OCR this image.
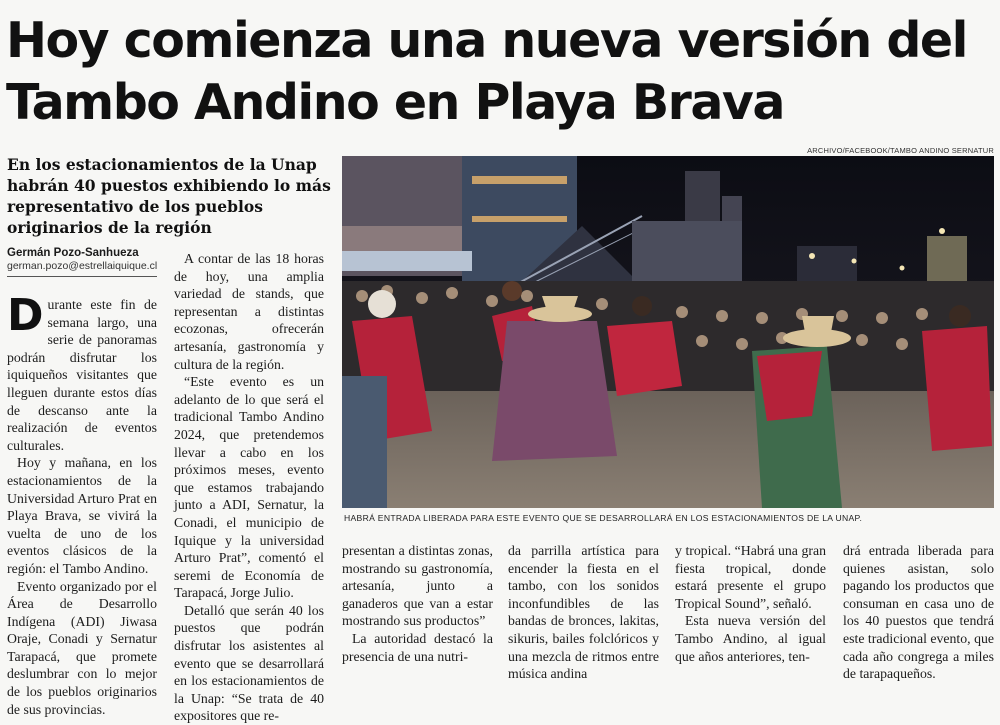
Hoy comienza una nueva versión del Tambo Andino en Playa Brava
En los estacionamientos de la Unap habrán 40 puestos exhibiendo lo más representativo de los pueblos originarios de la región
Germán Pozo-Sanhueza
german.pozo@estrellaiquique.cl
ARCHIVO/FACEBOOK/TAMBO ANDINO SERNATUR
HABRÁ ENTRADA LIBERADA PARA ESTE EVENTO QUE SE DESARROLLARÁ EN LOS ESTACIONAMIENTOS DE LA UNAP.

Durante este fin de semana largo, una serie de panoramas podrán disfrutar los iquiqueños visitantes que lleguen durante estos días de descanso ante la realización de eventos culturales.

Hoy y mañana, en los estacionamientos de la Universidad Arturo Prat en Playa Brava, se vivirá la vuelta de uno de los eventos clásicos de la región: el Tambo Andino.

Evento organizado por el Área de Desarrollo Indígena (ADI) Jiwasa Oraje, Conadi y Sernatur Tarapacá, que promete deslumbrar con lo mejor de los pueblos originarios de sus provincias.

A contar de las 18 horas de hoy, una amplia variedad de stands, que representan a distintas ecozonas, ofrecerán artesanía, gastronomía y cultura de la región.

“Este evento es un adelanto de lo que será el tradicional Tambo Andino 2024, que pretendemos llevar a cabo en los próximos meses, evento que estamos trabajando junto a ADI, Sernatur, la Conadi, el municipio de Iquique y la universidad Arturo Prat”, comentó el seremi de Economía de Tarapacá, Jorge Julio.

Detalló que serán 40 los puestos que podrán disfrutar los asistentes al evento que se desarrollará en los estacionamientos de la Unap: “Se trata de 40 expositores que re-

presentan a distintas zonas, mostrando su gastronomía, artesanía, junto a ganaderos que van a estar mostrando sus productos”

La autoridad destacó la presencia de una nutri-

da parrilla artística para encender la fiesta en el tambo, con los sonidos inconfundibles de las bandas de bronces, lakitas, sikuris, bailes folclóricos y una mezcla de ritmos entre música andina

y tropical. “Habrá una gran fiesta tropical, donde estará presente el grupo Tropical Sound”, señaló.

Esta nueva versión del Tambo Andino, al igual que años anteriores, ten-

drá entrada liberada para quienes asistan, solo pagando los productos que consuman en casa uno de los 40 puestos que tendrá este tradicional evento, que cada año congrega a miles de tarapaqueños.
